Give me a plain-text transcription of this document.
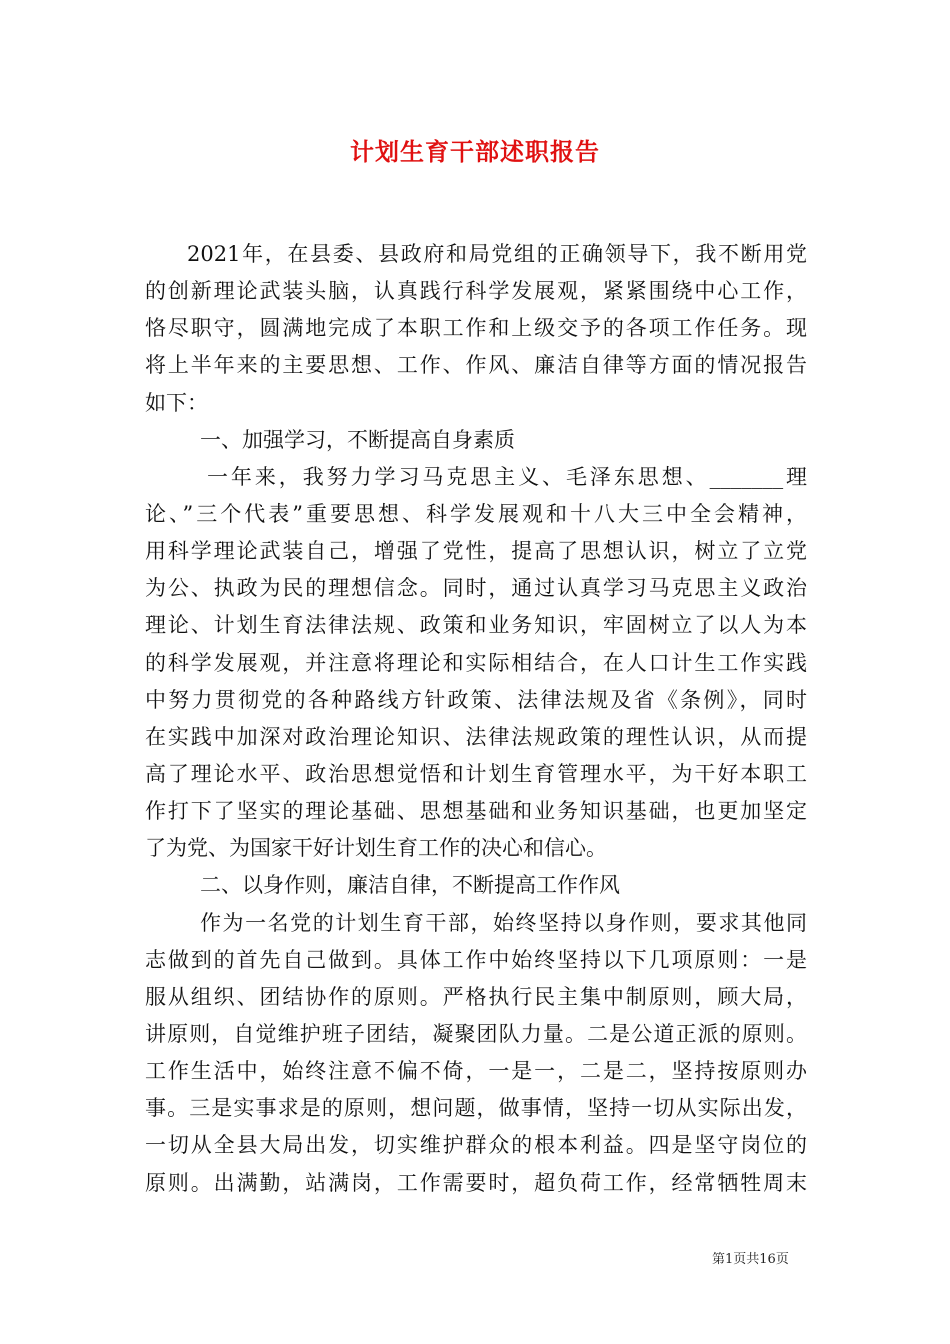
计划生育干部述职报告
2021年，在县委、县政府和局党组的正确领导下，我不断用党
的创新理论武装头脑，认真践行科学发展观，紧紧围绕中心工作，
恪尽职守，圆满地完成了本职工作和上级交予的各项工作任务。现
将上半年来的主要思想、工作、作风、廉洁自律等方面的情况报告
如下：
一、加强学习，不断提高自身素质
一年来，我努力学习马克思主义、毛泽东思想、_______理
论、”三个代表”重要思想、科学发展观和十八大三中全会精神，
用科学理论武装自己，增强了党性，提高了思想认识，树立了立党
为公、执政为民的理想信念。同时，通过认真学习马克思主义政治
理论、计划生育法律法规、政策和业务知识，牢固树立了以人为本
的科学发展观，并注意将理论和实际相结合，在人口计生工作实践
中努力贯彻党的各种路线方针政策、法律法规及省《条例》，同时
在实践中加深对政治理论知识、法律法规政策的理性认识，从而提
高了理论水平、政治思想觉悟和计划生育管理水平，为干好本职工
作打下了坚实的理论基础、思想基础和业务知识基础，也更加坚定
了为党、为国家干好计划生育工作的决心和信心。
二、以身作则，廉洁自律，不断提高工作作风
作为一名党的计划生育干部，始终坚持以身作则，要求其他同
志做到的首先自己做到。具体工作中始终坚持以下几项原则：一是
服从组织、团结协作的原则。严格执行民主集中制原则，顾大局，
讲原则，自觉维护班子团结，凝聚团队力量。二是公道正派的原则。
工作生活中，始终注意不偏不倚，一是一，二是二，坚持按原则办
事。三是实事求是的原则，想问题，做事情，坚持一切从实际出发，
一切从全县大局出发，切实维护群众的根本利益。四是坚守岗位的
原则。出满勤，站满岗，工作需要时，超负荷工作，经常牺牲周末
第1页共16页
